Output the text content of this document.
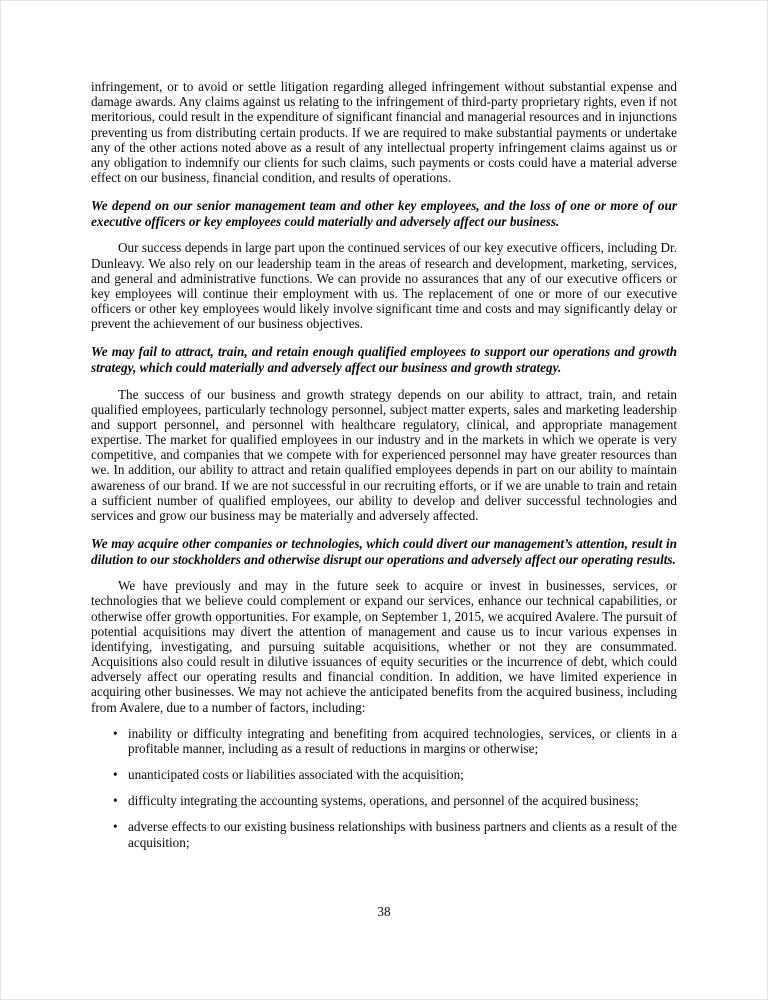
infringement, or to avoid or settle litigation regarding alleged infringement without substantial expense and damage awards. Any claims against us relating to the infringement of third-party proprietary rights, even if not meritorious, could result in the expenditure of significant financial and managerial resources and in injunctions preventing us from distributing certain products. If we are required to make substantial payments or undertake any of the other actions noted above as a result of any intellectual property infringement claims against us or any obligation to indemnify our clients for such claims, such payments or costs could have a material adverse effect on our business, financial condition, and results of operations.

We depend on our senior management team and other key employees, and the loss of one or more of our executive officers or key employees could materially and adversely affect our business.

Our success depends in large part upon the continued services of our key executive officers, including Dr. Dunleavy. We also rely on our leadership team in the areas of research and development, marketing, services, and general and administrative functions. We can provide no assurances that any of our executive officers or key employees will continue their employment with us. The replacement of one or more of our executive officers or other key employees would likely involve significant time and costs and may significantly delay or prevent the achievement of our business objectives.

We may fail to attract, train, and retain enough qualified employees to support our operations and growth strategy, which could materially and adversely affect our business and growth strategy.

The success of our business and growth strategy depends on our ability to attract, train, and retain qualified employees, particularly technology personnel, subject matter experts, sales and marketing leadership and support personnel, and personnel with healthcare regulatory, clinical, and appropriate management expertise. The market for qualified employees in our industry and in the markets in which we operate is very competitive, and companies that we compete with for experienced personnel may have greater resources than we. In addition, our ability to attract and retain qualified employees depends in part on our ability to maintain awareness of our brand. If we are not successful in our recruiting efforts, or if we are unable to train and retain a sufficient number of qualified employees, our ability to develop and deliver successful technologies and services and grow our business may be materially and adversely affected.

We may acquire other companies or technologies, which could divert our management’s attention, result in dilution to our stockholders and otherwise disrupt our operations and adversely affect our operating results.

We have previously and may in the future seek to acquire or invest in businesses, services, or technologies that we believe could complement or expand our services, enhance our technical capabilities, or otherwise offer growth opportunities. For example, on September 1, 2015, we acquired Avalere. The pursuit of potential acquisitions may divert the attention of management and cause us to incur various expenses in identifying, investigating, and pursuing suitable acquisitions, whether or not they are consummated. Acquisitions also could result in dilutive issuances of equity securities or the incurrence of debt, which could adversely affect our operating results and financial condition. In addition, we have limited experience in acquiring other businesses. We may not achieve the anticipated benefits from the acquired business, including from Avalere, due to a number of factors, including:

• inability or difficulty integrating and benefiting from acquired technologies, services, or clients in a profitable manner, including as a result of reductions in margins or otherwise;
• unanticipated costs or liabilities associated with the acquisition;
• difficulty integrating the accounting systems, operations, and personnel of the acquired business;
• adverse effects to our existing business relationships with business partners and clients as a result of the acquisition;
38
